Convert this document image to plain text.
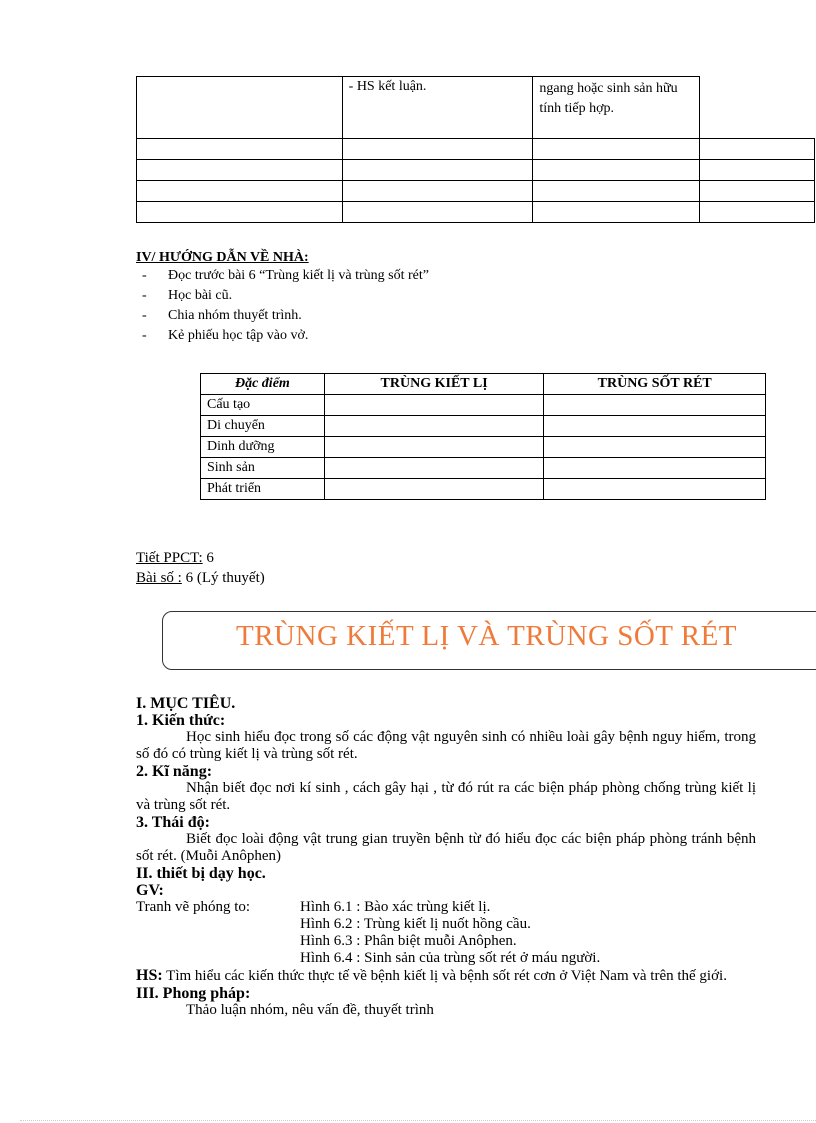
	- HS kết luận.	ngang hoặc sinh sản hữu tính tiếp hợp.	

IV/ HƯỚNG DẪN VỀ NHÀ:
- Đọc trước bài 6 “Trùng kiết lị và trùng sốt rét”
- Học bài cũ.
- Chia nhóm thuyết trình.
- Kẻ phiếu học tập vào vở.
Đặc điểm	TRÙNG KIẾT LỊ	TRÙNG SỐT RÉT
Cấu tạo		
Di chuyển		
Dinh dưỡng		
Sinh sản		
Phát triển		
Tiết PPCT: 6
Bài số : 6 (Lý thuyết)
TRÙNG KIẾT LỊ VÀ TRÙNG SỐT RÉT
I. MỤC TIÊU.
1. Kiến thức:
Học sinh hiểu đọc trong số các động vật nguyên sinh có nhiều loài gây bệnh nguy hiểm, trong số đó có trùng kiết lị và trùng sốt rét.
2. Kĩ năng:
Nhận biết đọc nơi kí sinh , cách gây hại , từ đó rút ra các biện pháp phòng chống trùng kiết lị và trùng sốt rét.
3. Thái độ:
Biết đọc loài động vật trung gian truyền bệnh từ đó hiểu đọc các biện pháp phòng tránh bệnh sốt rét. (Muỗi Anôphen)
II. thiết bị dạy học.
GV:
Tranh vẽ phóng to:	Hình 6.1 : Bào xác trùng kiết lị.
Hình 6.2 : Trùng kiết lị nuốt hồng cầu.
Hình 6.3 : Phân biệt muỗi Anôphen.
Hình 6.4 : Sinh sản của trùng sốt rét ở máu người.
HS: Tìm hiểu các kiến thức thực tế về bệnh kiết lị và bệnh sốt rét cơn ở Việt Nam và trên thế giới.
III. Phong pháp:
Thảo luận nhóm, nêu vấn đề, thuyết trình
